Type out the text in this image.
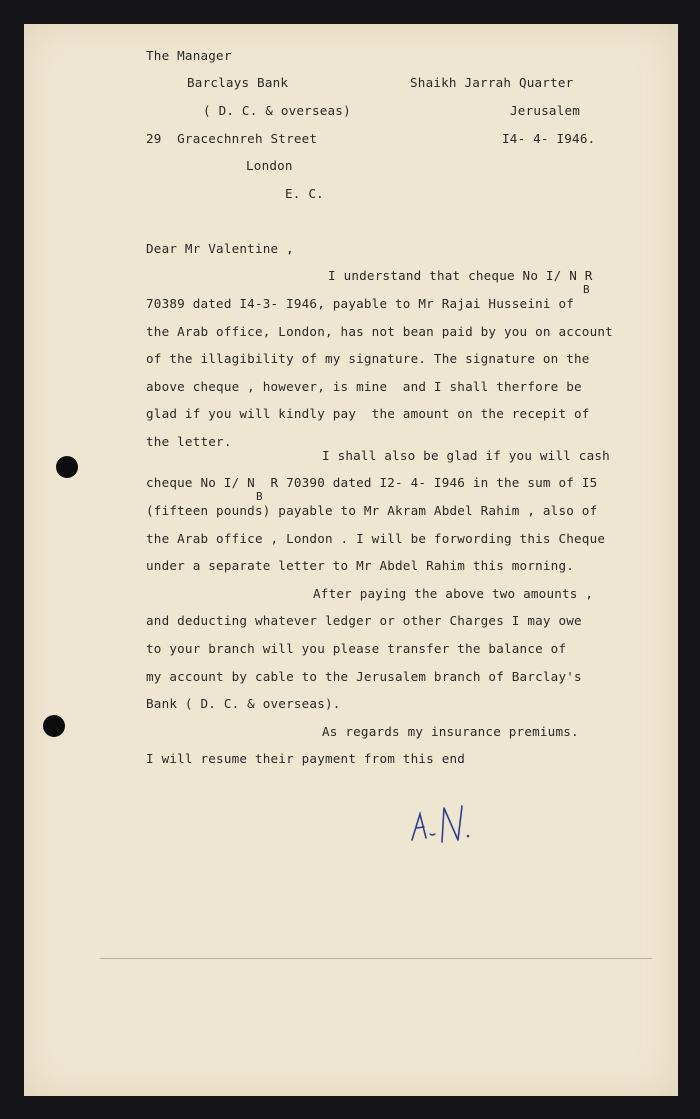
The Manager
Barclays Bank
( D. C. & overseas)
29  Gracechnreh Street
London
E. C.
Shaikh Jarrah Quarter
Jerusalem
I4- 4- I946.
Dear Mr Valentine ,
I understand that cheque No I/ N R
B
70389 dated I4-3- I946, payable to Mr Rajai Husseini of
the Arab office, London, has not bean paid by you on account
of the illagibility of my signature. The signature on the
above cheque , however, is mine  and I shall therfore be
glad if you will kindly pay  the amount on the recepit of
the letter.
I shall also be glad if you will cash
cheque No I/ N  R 70390 dated I2- 4- I946 in the sum of I5
B
(fifteen pounds) payable to Mr Akram Abdel Rahim , also of
the Arab office , London . I will be forwording this Cheque
under a separate letter to Mr Abdel Rahim this morning.
After paying the above two amounts ,
and deducting whatever ledger or other Charges I may owe
to your branch will you please transfer the balance of
my account by cable to the Jerusalem branch of Barclay's
Bank ( D. C. & overseas).
As regards my insurance premiums.
I will resume their payment from this end
